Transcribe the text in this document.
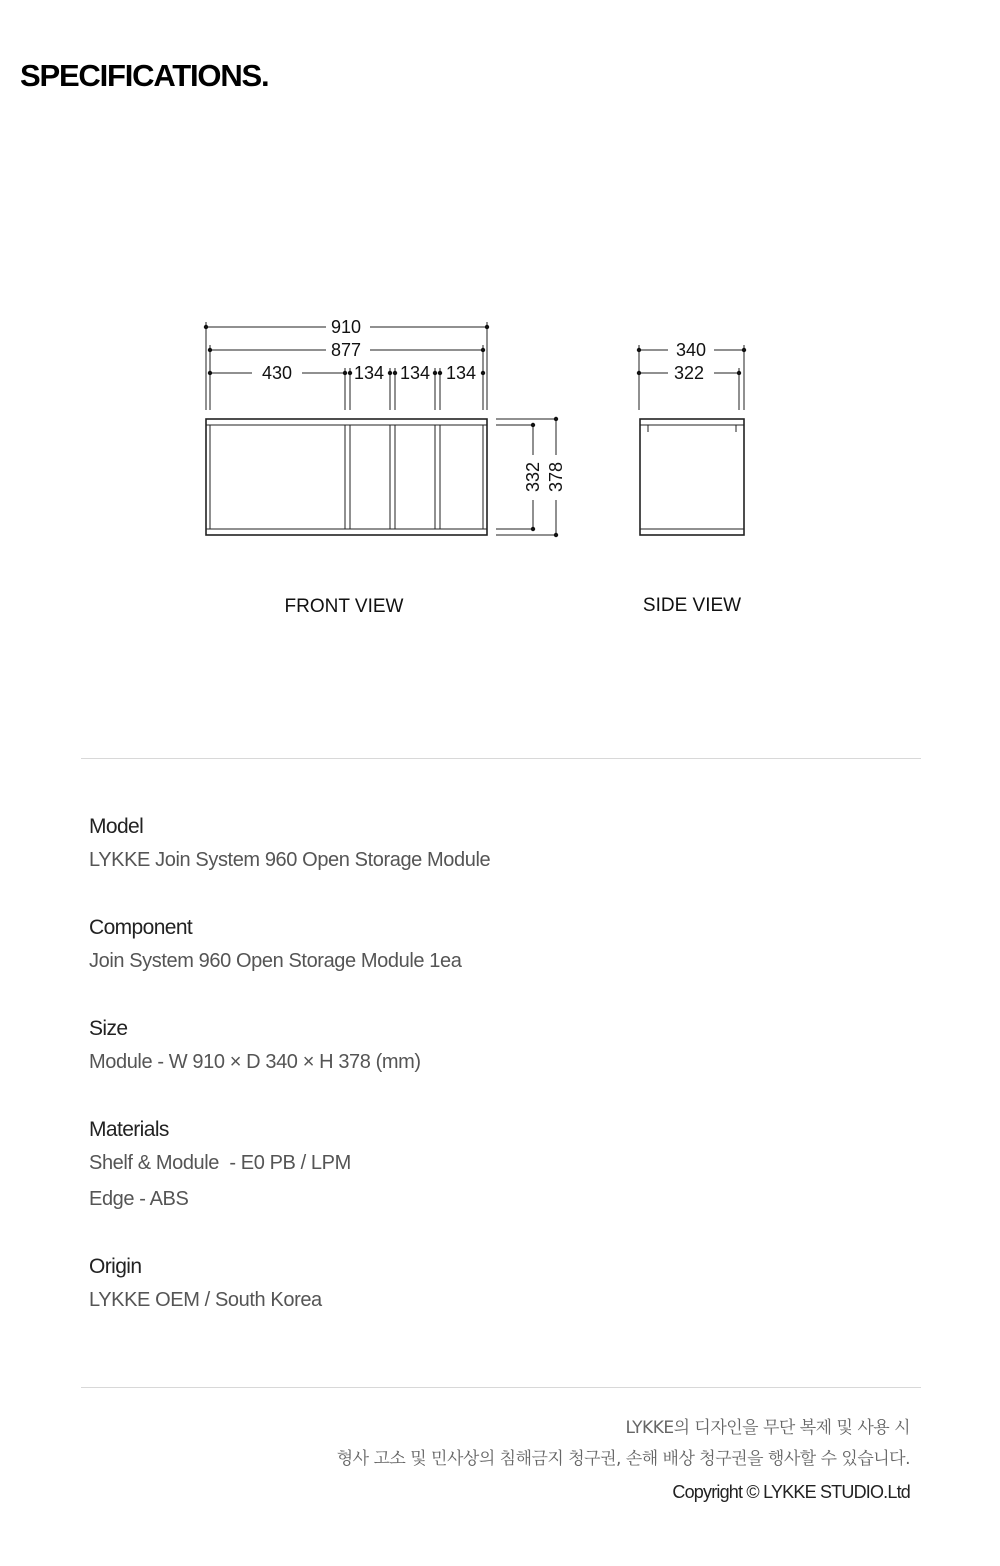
SPECIFICATIONS.
910
877
430	134 134 134
332 378
340
322
FRONT VIEW	SIDE VIEW
Model
LYKKE Join System 960 Open Storage Module
Component
Join System 960 Open Storage Module 1ea
Size
Module - W 910 × D 340 × H 378 (mm)
Materials
Shelf & Module  - E0 PB / LPM
Edge - ABS
Origin
LYKKE OEM / South Korea
LYKKE의 디자인을 무단 복제 및 사용 시
형사 고소 및 민사상의 침해금지 청구권, 손해 배상 청구권을 행사할 수 있습니다.
Copyright © LYKKE STUDIO.Ltd
